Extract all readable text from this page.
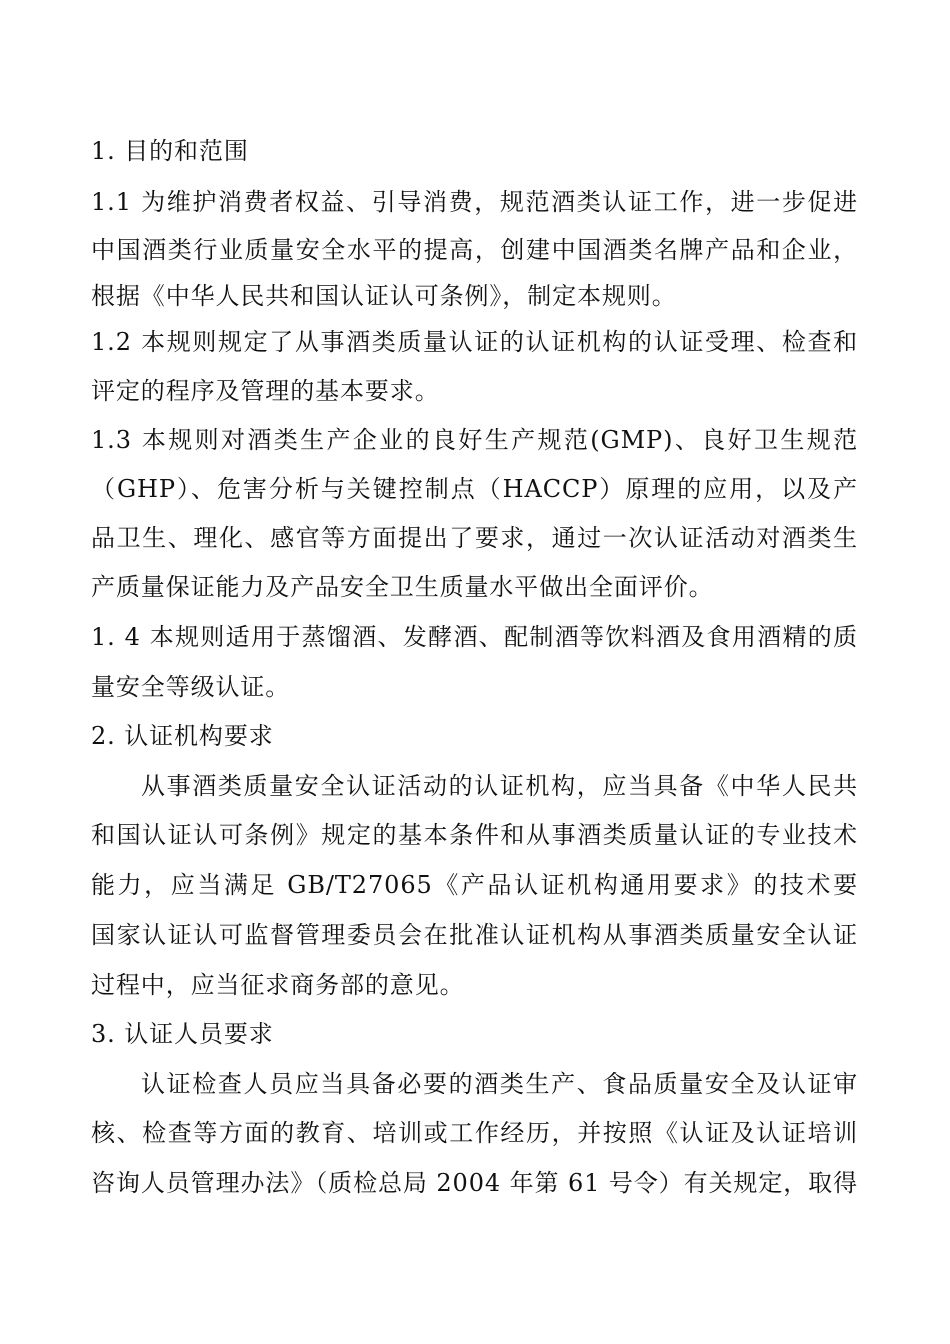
1. 目的和范围
1.1 为维护消费者权益、引导消费，规范酒类认证工作，进一步促进
中国酒类行业质量安全水平的提高，创建中国酒类名牌产品和企业，
根据《中华人民共和国认证认可条例》，制定本规则。
1.2 本规则规定了从事酒类质量认证的认证机构的认证受理、检查和
评定的程序及管理的基本要求。
1.3 本规则对酒类生产企业的良好生产规范(GMP)、良好卫生规范
（GHP）、危害分析与关键控制点（HACCP）原理的应用，以及产
品卫生、理化、感官等方面提出了要求，通过一次认证活动对酒类生
产质量保证能力及产品安全卫生质量水平做出全面评价。
1. 4 本规则适用于蒸馏酒、发酵酒、配制酒等饮料酒及食用酒精的质
量安全等级认证。
2. 认证机构要求
从事酒类质量安全认证活动的认证机构，应当具备《中华人民共
和国认证认可条例》规定的基本条件和从事酒类质量认证的专业技术
能力，应当满足 GB/T27065《产品认证机构通用要求》的技术要
国家认证认可监督管理委员会在批准认证机构从事酒类质量安全认证
过程中，应当征求商务部的意见。
3. 认证人员要求
认证检查人员应当具备必要的酒类生产、食品质量安全及认证审
核、检查等方面的教育、培训或工作经历，并按照《认证及认证培训
咨询人员管理办法》（质检总局 2004 年第 61 号令）有关规定，取得
